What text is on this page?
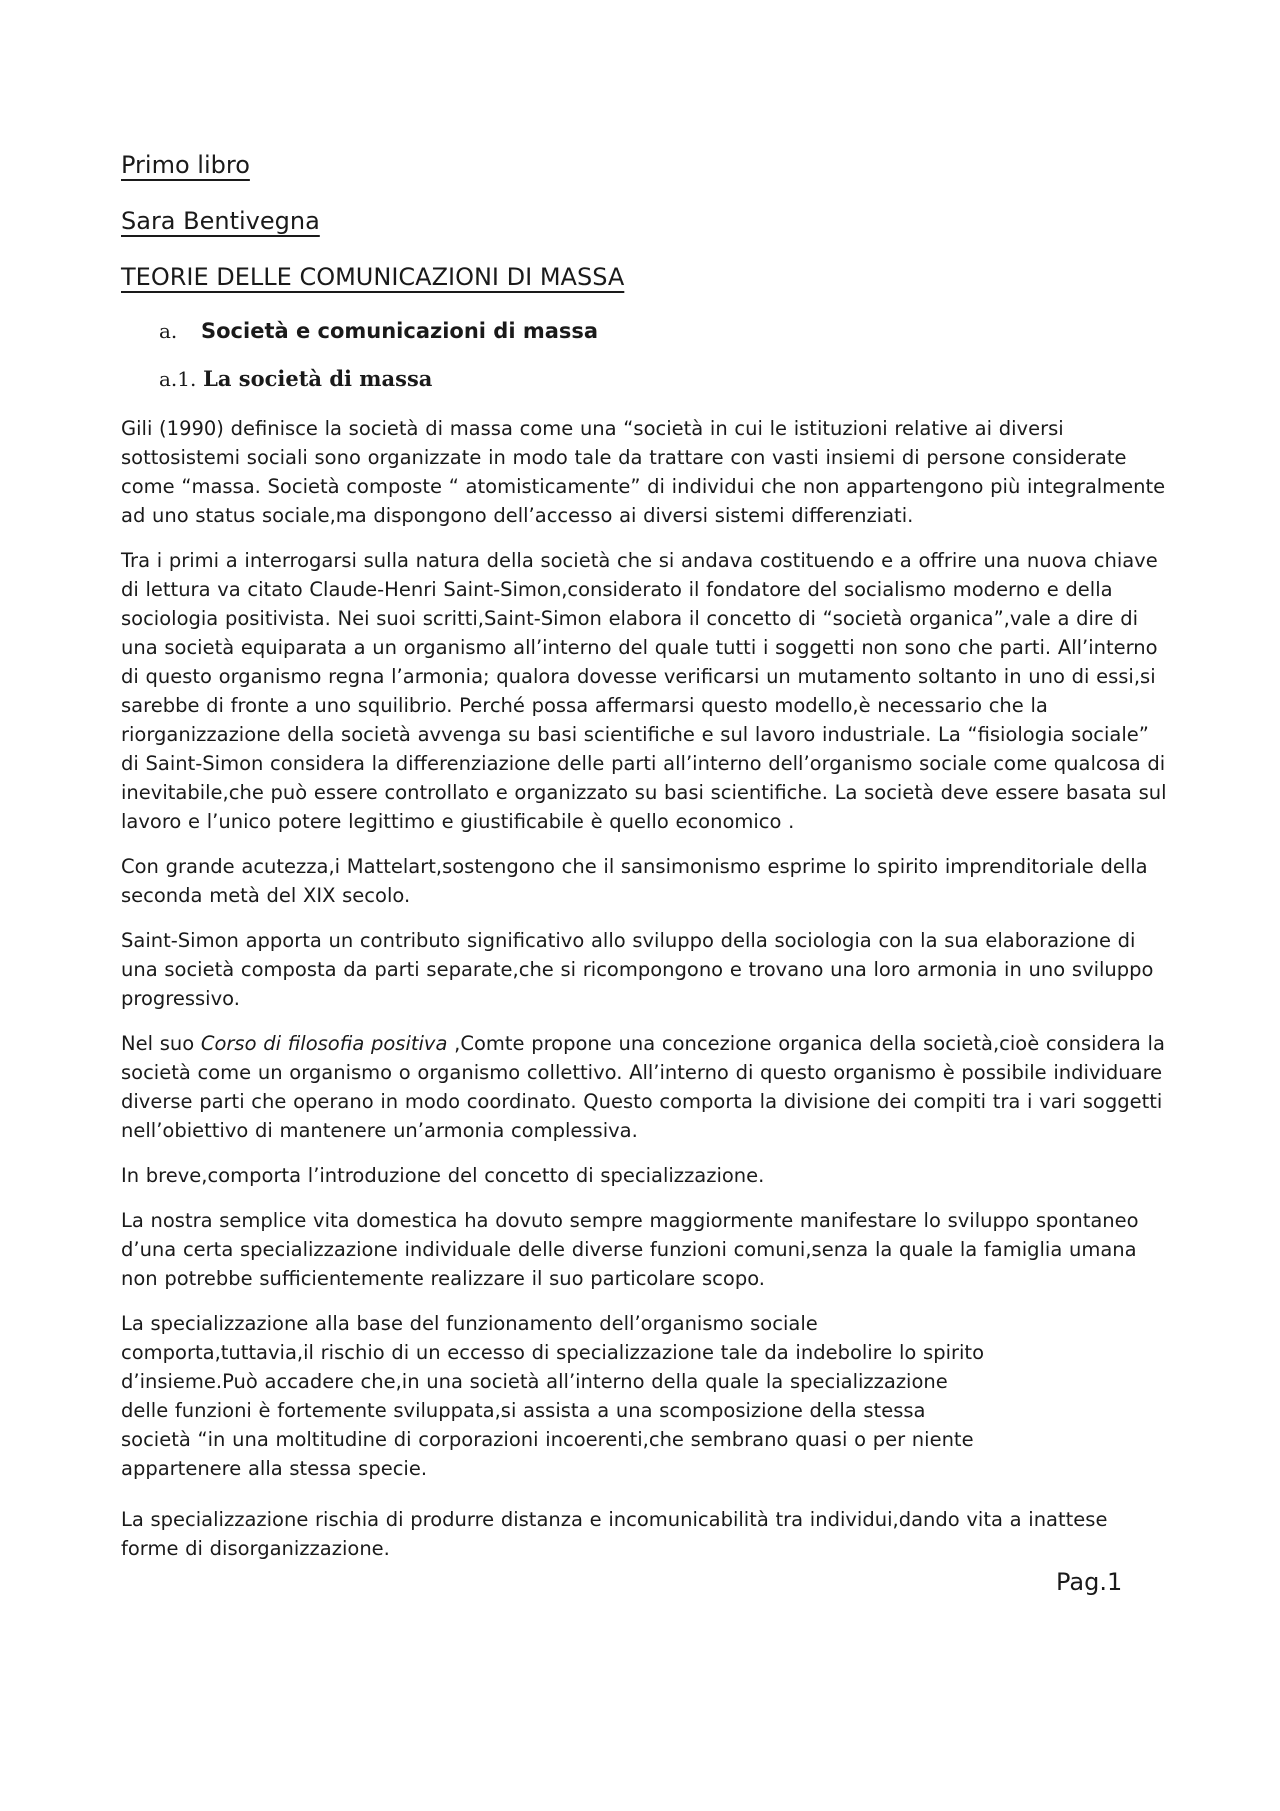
Primo libro
Sara Bentivegna
TEORIE DELLE COMUNICAZIONI DI MASSA
a. Società e comunicazioni di massa
a.1. La società di massa

Gili (1990) definisce la società di massa come una “società in cui le istituzioni relative ai diversi sottosistemi sociali sono organizzate in modo tale da trattare con vasti insiemi di persone considerate come “massa. Società composte “ atomisticamente” di individui che non appartengono più integralmente ad uno status sociale,ma dispongono dell’accesso ai diversi sistemi differenziati.

Tra i primi a interrogarsi sulla natura della società che si andava costituendo e a offrire una nuova chiave di lettura va citato Claude-Henri Saint-Simon,considerato il fondatore del socialismo moderno e della sociologia positivista. Nei suoi scritti,Saint-Simon elabora il concetto di “società organica”,vale a dire di una società equiparata a un organismo all’interno del quale tutti i soggetti non sono che parti. All’interno di questo organismo regna l’armonia; qualora dovesse verificarsi un mutamento soltanto in uno di essi,si sarebbe di fronte a uno squilibrio. Perché possa affermarsi questo modello,è necessario che la riorganizzazione della società avvenga su basi scientifiche e sul lavoro industriale. La “fisiologia sociale” di Saint-Simon considera la differenziazione delle parti all’interno dell’organismo sociale come qualcosa di inevitabile,che può essere controllato e organizzato su basi scientifiche. La società deve essere basata sul lavoro e l’unico potere legittimo e giustificabile è quello economico .

Con grande acutezza,i Mattelart,sostengono che il sansimonismo esprime lo spirito imprenditoriale della seconda metà del XIX secolo.

Saint-Simon apporta un contributo significativo allo sviluppo della sociologia con la sua elaborazione di una società composta da parti separate,che si ricompongono e trovano una loro armonia in uno sviluppo progressivo.

Nel suo Corso di filosofia positiva ,Comte propone una concezione organica della società,cioè considera la società come un organismo o organismo collettivo. All’interno di questo organismo è possibile individuare diverse parti che operano in modo coordinato. Questo comporta la divisione dei compiti tra i vari soggetti nell’obiettivo di mantenere un’armonia complessiva.

In breve,comporta l’introduzione del concetto di specializzazione.

La nostra semplice vita domestica ha dovuto sempre maggiormente manifestare lo sviluppo spontaneo d’una certa specializzazione individuale delle diverse funzioni comuni,senza la quale la famiglia umana non potrebbe sufficientemente realizzare il suo particolare scopo.

La specializzazione alla base del funzionamento dell’organismo sociale comporta,tuttavia,il rischio di un eccesso di specializzazione tale da indebolire lo spirito d’insieme.Può accadere che,in una società all’interno della quale la specializzazione delle funzioni è fortemente sviluppata,si assista a una scomposizione della stessa società “in una moltitudine di corporazioni incoerenti,che sembrano quasi o per niente appartenere alla stessa specie.

La specializzazione rischia di produrre distanza e incomunicabilità tra individui,dando vita a inattese forme di disorganizzazione.

Pag.1
